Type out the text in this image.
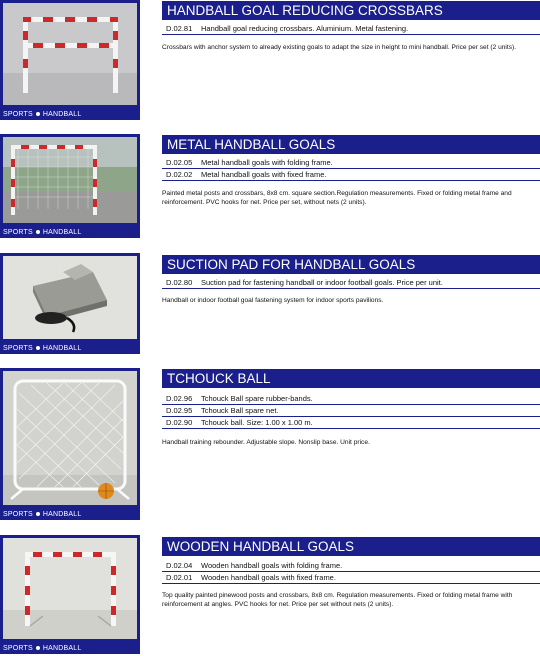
SPORTS HANDBALL
HANDBALL GOAL REDUCING CROSSBARS
D.02.81 Handball goal reducing crossbars. Aluminium. Metal fastening.
Crossbars with anchor system to already existing goals to adapt the size in height to mini handball. Price per set (2 units).
SPORTS HANDBALL
METAL HANDBALL GOALS
D.02.05 Metal handball goals with folding frame.
D.02.02 Metal handball goals with fixed frame.
Painted metal posts and crossbars, 8x8 cm. square section.Regulation measurements. Fixed or folding metal frame and reinforcement. PVC hooks for net. Price per set, without nets (2 units).
SPORTS HANDBALL
SUCTION PAD FOR HANDBALL GOALS
D.02.80 Suction pad for fastening handball or indoor football goals. Price per unit.
Handball or indoor football goal fastening system for indoor sports pavilions.
SPORTS HANDBALL
TCHOUCK BALL
D.02.96 Tchouck Ball spare rubber-bands.
D.02.95 Tchouck Ball spare net.
D.02.90 Tchouck ball. Size: 1.00 x 1.00 m.
Handball training rebounder. Adjustable slope. Nonslip base. Unit price.
SPORTS HANDBALL
WOODEN HANDBALL GOALS
D.02.04 Wooden handball goals with folding frame.
D.02.01 Wooden handball goals with fixed frame.
Top quality painted pinewood posts and crossbars, 8x8 cm. Regulation measurements. Fixed or folding metal frame with reinforcement at angles. PVC hooks for net. Price per set without nets (2 units).
